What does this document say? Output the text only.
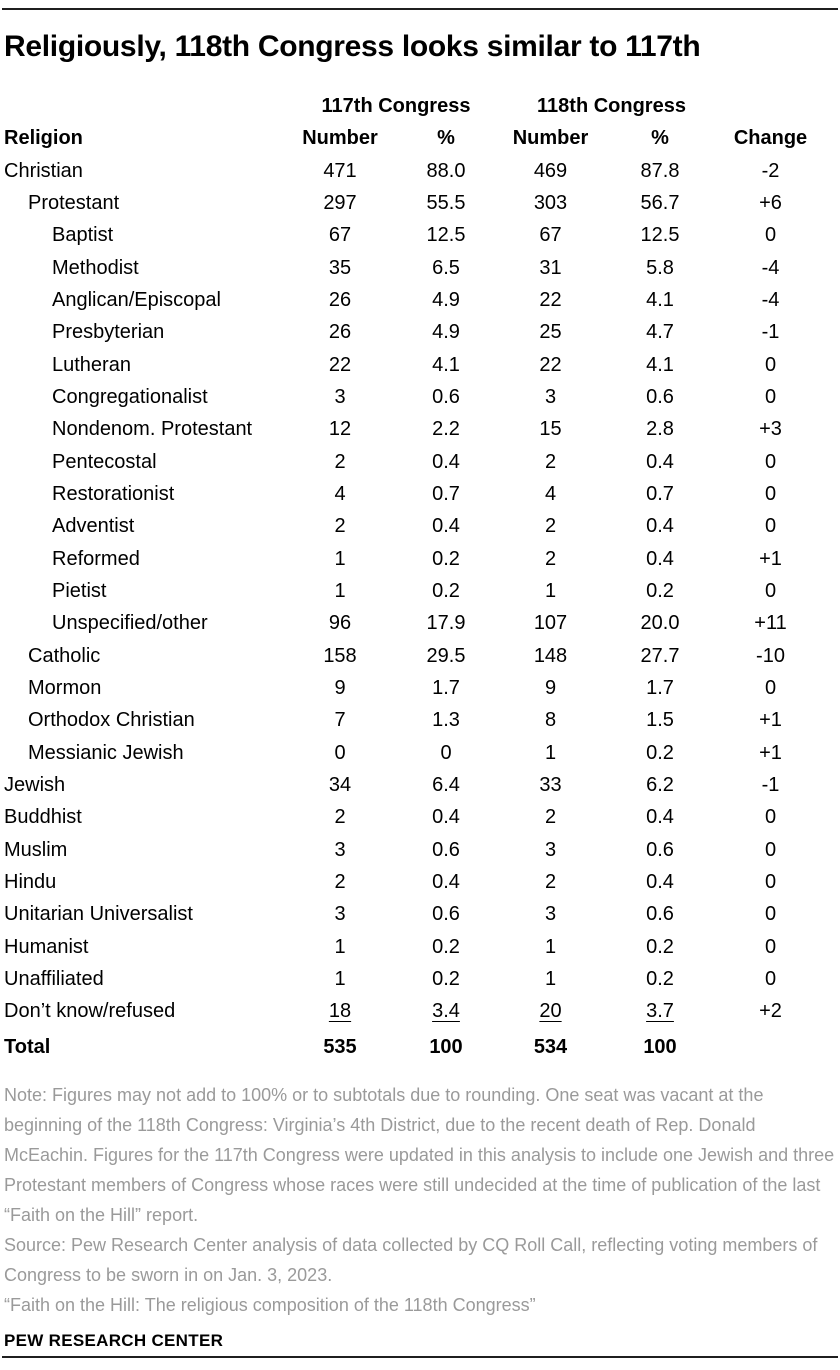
Religiously, 118th Congress looks similar to 117th
117th Congress	118th Congress
Religion	Number	%	Number	%	Change
Christian	471	88.0	469	87.8	-2
Protestant	297	55.5	303	56.7	+6
Baptist	67	12.5	67	12.5	0
Methodist	35	6.5	31	5.8	-4
Anglican/Episcopal	26	4.9	22	4.1	-4
Presbyterian	26	4.9	25	4.7	-1
Lutheran	22	4.1	22	4.1	0
Congregationalist	3	0.6	3	0.6	0
Nondenom. Protestant	12	2.2	15	2.8	+3
Pentecostal	2	0.4	2	0.4	0
Restorationist	4	0.7	4	0.7	0
Adventist	2	0.4	2	0.4	0
Reformed	1	0.2	2	0.4	+1
Pietist	1	0.2	1	0.2	0
Unspecified/other	96	17.9	107	20.0	+11
Catholic	158	29.5	148	27.7	-10
Mormon	9	1.7	9	1.7	0
Orthodox Christian	7	1.3	8	1.5	+1
Messianic Jewish	0	0	1	0.2	+1
Jewish	34	6.4	33	6.2	-1
Buddhist	2	0.4	2	0.4	0
Muslim	3	0.6	3	0.6	0
Hindu	2	0.4	2	0.4	0
Unitarian Universalist	3	0.6	3	0.6	0
Humanist	1	0.2	1	0.2	0
Unaffiliated	1	0.2	1	0.2	0
Don’t know/refused	18	3.4	20	3.7	+2
Total	535	100	534	100

Note: Figures may not add to 100% or to subtotals due to rounding. One seat was vacant at the beginning of the 118th Congress: Virginia’s 4th District, due to the recent death of Rep. Donald McEachin. Figures for the 117th Congress were updated in this analysis to include one Jewish and three Protestant members of Congress whose races were still undecided at the time of publication of the last “Faith on the Hill” report.

Source: Pew Research Center analysis of data collected by CQ Roll Call, reflecting voting members of Congress to be sworn in on Jan. 3, 2023.

“Faith on the Hill: The religious composition of the 118th Congress”

PEW RESEARCH CENTER
